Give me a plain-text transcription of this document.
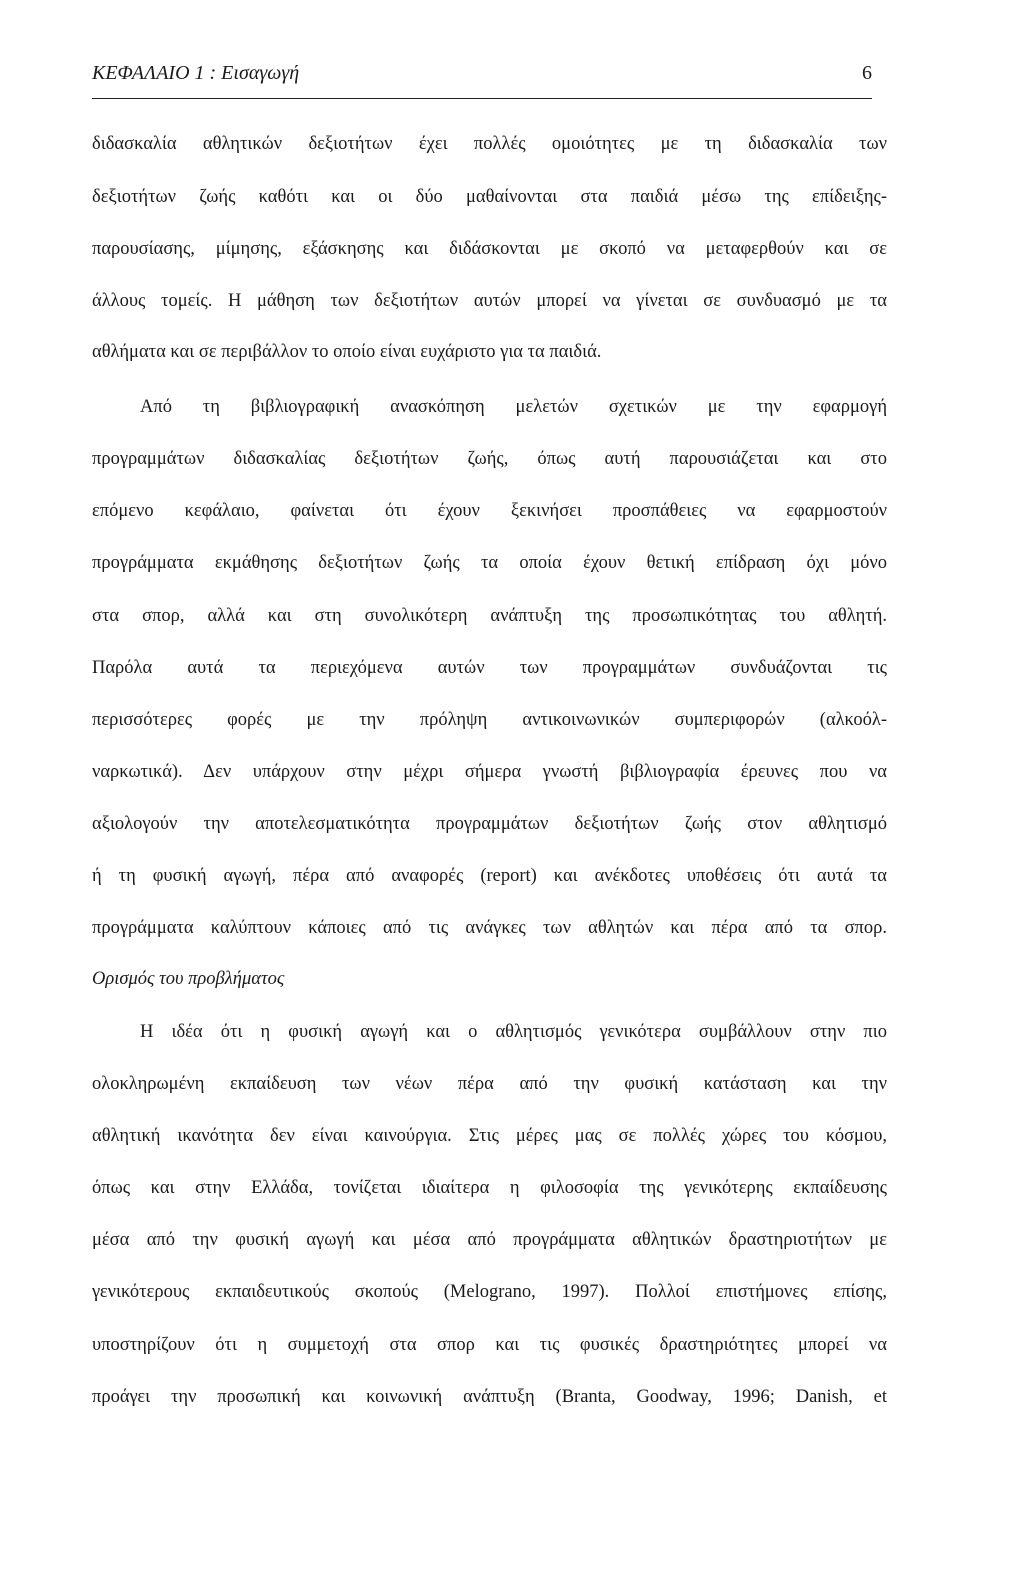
ΚΕΦΑΛΑΙΟ 1 : Εισαγωγή	6
διδασκαλία αθλητικών δεξιοτήτων έχει πολλές ομοιότητες με τη διδασκαλία των
δεξιοτήτων ζωής καθότι και οι δύο μαθαίνονται στα παιδιά μέσω της επίδειξης-
παρουσίασης, μίμησης, εξάσκησης και διδάσκονται με σκοπό να μεταφερθούν και σε
άλλους τομείς. Η μάθηση των δεξιοτήτων αυτών μπορεί να γίνεται σε συνδυασμό με τα
αθλήματα και σε περιβάλλον το οποίο είναι ευχάριστο για τα παιδιά.
Από τη βιβλιογραφική ανασκόπηση μελετών σχετικών με την εφαρμογή
προγραμμάτων διδασκαλίας δεξιοτήτων ζωής, όπως αυτή παρουσιάζεται και στο
επόμενο κεφάλαιο, φαίνεται ότι έχουν ξεκινήσει προσπάθειες να εφαρμοστούν
προγράμματα εκμάθησης δεξιοτήτων ζωής τα οποία έχουν θετική επίδραση όχι μόνο
στα σπορ, αλλά και στη συνολικότερη ανάπτυξη της προσωπικότητας του αθλητή.
Παρόλα αυτά τα περιεχόμενα αυτών των προγραμμάτων συνδυάζονται τις
περισσότερες φορές με την πρόληψη αντικοινωνικών συμπεριφορών (αλκοόλ-
ναρκωτικά). Δεν υπάρχουν στην μέχρι σήμερα γνωστή βιβλιογραφία έρευνες που να
αξιολογούν την αποτελεσματικότητα προγραμμάτων δεξιοτήτων ζωής στον αθλητισμό
ή τη φυσική αγωγή, πέρα από αναφορές (report) και ανέκδοτες υποθέσεις ότι αυτά τα
προγράμματα καλύπτουν κάποιες από τις ανάγκες των αθλητών και πέρα από τα σπορ.
Ορισμός του προβλήματος
Η ιδέα ότι η φυσική αγωγή και ο αθλητισμός γενικότερα συμβάλλουν στην πιο
ολοκληρωμένη εκπαίδευση των νέων πέρα από την φυσική κατάσταση και την
αθλητική ικανότητα δεν είναι καινούργια. Στις μέρες μας σε πολλές χώρες του κόσμου,
όπως και στην Ελλάδα, τονίζεται ιδιαίτερα η φιλοσοφία της γενικότερης εκπαίδευσης
μέσα από την φυσική αγωγή και μέσα από προγράμματα αθλητικών δραστηριοτήτων με
γενικότερους εκπαιδευτικούς σκοπούς (Melograno, 1997). Πολλοί επιστήμονες επίσης,
υποστηρίζουν ότι η συμμετοχή στα σπορ και τις φυσικές δραστηριότητες μπορεί να
προάγει την προσωπική και κοινωνική ανάπτυξη (Branta, Goodway, 1996; Danish, et
